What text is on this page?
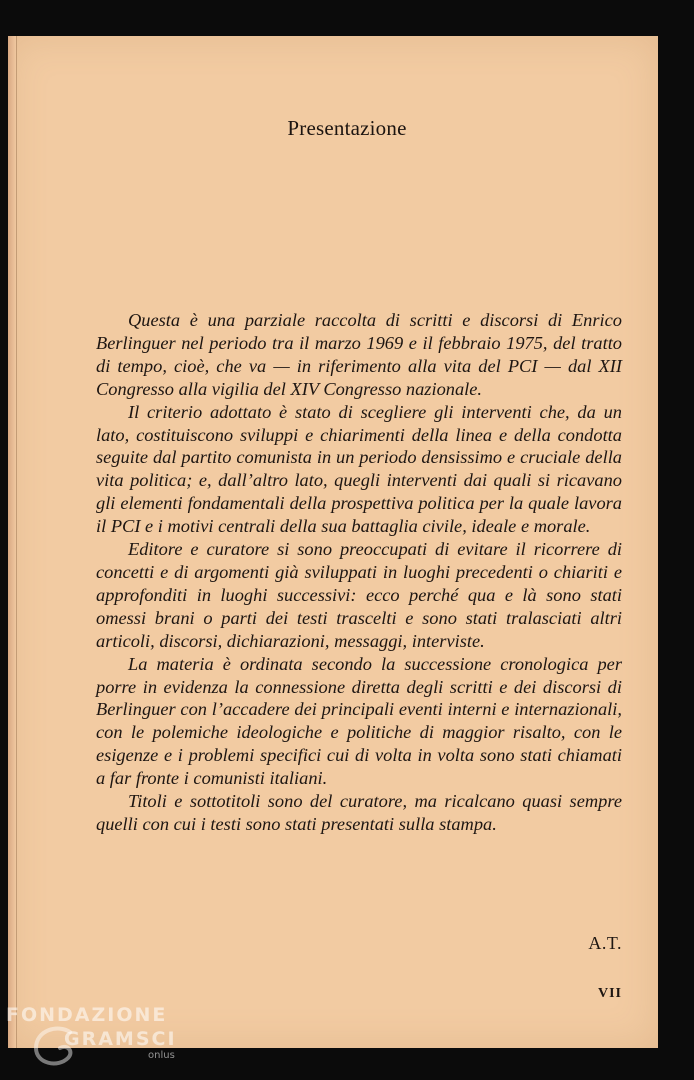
Presentazione

Questa è una parziale raccolta di scritti e discorsi di Enrico Berlinguer nel periodo tra il marzo 1969 e il febbraio 1975, del tratto di tempo, cioè, che va — in riferimento alla vita del PCI — dal XII Congresso alla vigilia del XIV Congresso nazionale.

Il criterio adottato è stato di scegliere gli interventi che, da un lato, costituiscono sviluppi e chiarimenti della linea e della condotta seguite dal partito comunista in un periodo densissimo e cruciale della vita politica; e, dall’altro lato, quegli interventi dai quali si ricavano gli elementi fondamentali della prospettiva politica per la quale lavora il PCI e i motivi centrali della sua battaglia civile, ideale e morale.

Editore e curatore si sono preoccupati di evitare il ricorrere di concetti e di argomenti già sviluppati in luoghi precedenti o chiariti e approfonditi in luoghi successivi: ecco perché qua e là sono stati omessi brani o parti dei testi trascelti e sono stati tralasciati altri articoli, discorsi, dichiarazioni, messaggi, interviste.

La materia è ordinata secondo la successione cronologica per porre in evidenza la connessione diretta degli scritti e dei discorsi di Berlinguer con l’accadere dei principali eventi interni e internazionali, con le polemiche ideologiche e politiche di maggior risalto, con le esigenze e i problemi specifici cui di volta in volta sono stati chiamati a far fronte i comunisti italiani.

Titoli e sottotitoli sono del curatore, ma ricalcano quasi sempre quelli con cui i testi sono stati presentati sulla stampa.

A.T.
VII
FONDAZIONE
GRAMSCI
onlus
